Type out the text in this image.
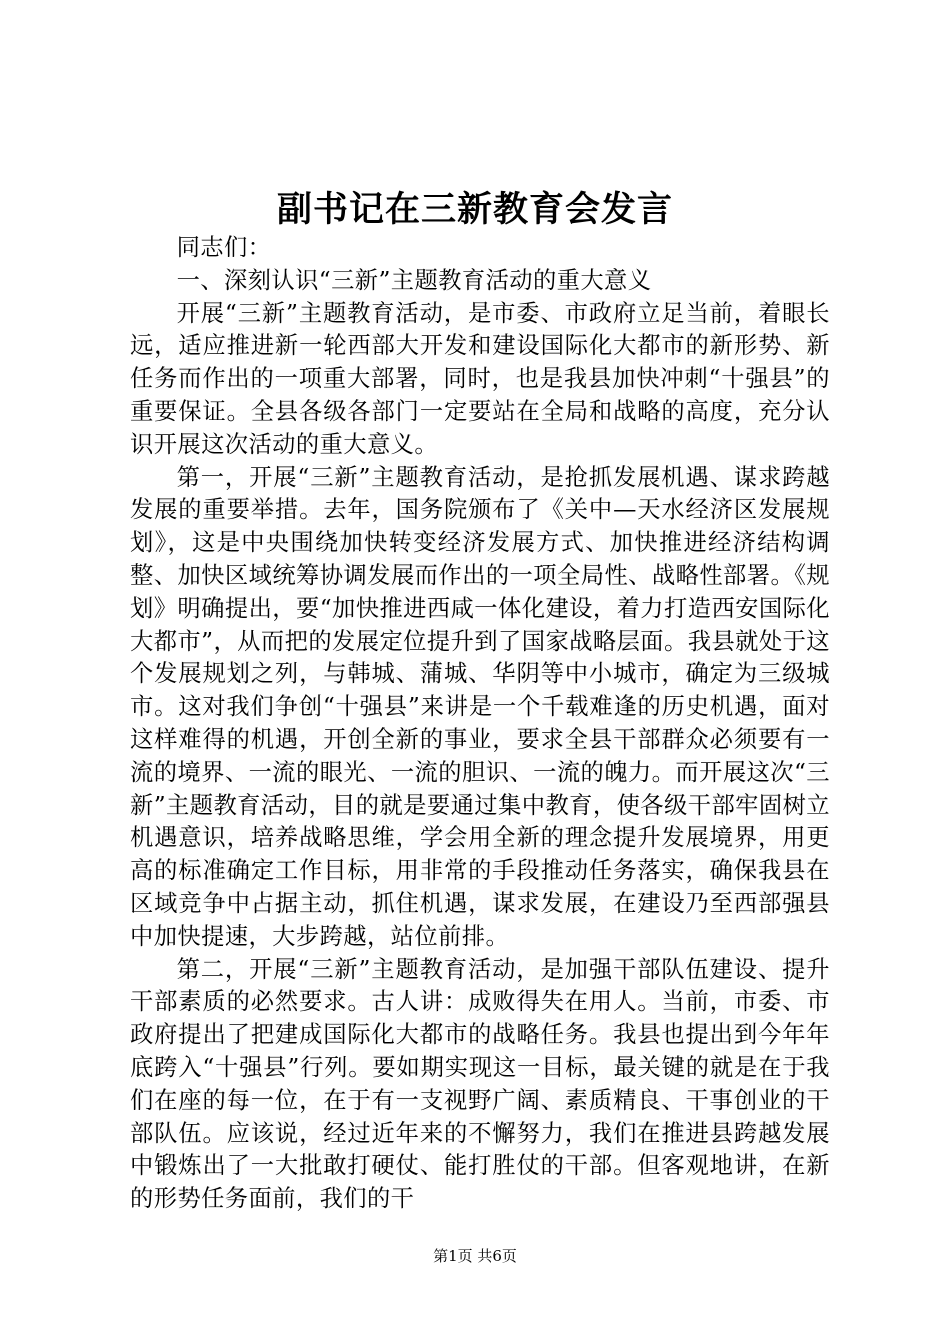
副书记在三新教育会发言

同志们：

一、深刻认识“三新”主题教育活动的重大意义

开展“三新”主题教育活动，是市委、市政府立足当前，着眼长远，适应推进新一轮西部大开发和建设国际化大都市的新形势、新任务而作出的一项重大部署，同时，也是我县加快冲刺“十强县”的重要保证。全县各级各部门一定要站在全局和战略的高度，充分认识开展这次活动的重大意义。

第一，开展“三新”主题教育活动，是抢抓发展机遇、谋求跨越发展的重要举措。去年，国务院颁布了《关中—天水经济区发展规划》，这是中央围绕加快转变经济发展方式、加快推进经济结构调整、加快区域统筹协调发展而作出的一项全局性、战略性部署。《规划》明确提出，要“加快推进西咸一体化建设，着力打造西安国际化大都市”，从而把的发展定位提升到了国家战略层面。我县就处于这个发展规划之列，与韩城、蒲城、华阴等中小城市，确定为三级城市。这对我们争创“十强县”来讲是一个千载难逢的历史机遇，面对这样难得的机遇，开创全新的事业，要求全县干部群众必须要有一流的境界、一流的眼光、一流的胆识、一流的魄力。而开展这次“三新”主题教育活动，目的就是要通过集中教育，使各级干部牢固树立机遇意识，培养战略思维，学会用全新的理念提升发展境界，用更高的标准确定工作目标，用非常的手段推动任务落实，确保我县在区域竞争中占据主动，抓住机遇，谋求发展，在建设乃至西部强县中加快提速，大步跨越，站位前排。

第二，开展“三新”主题教育活动，是加强干部队伍建设、提升干部素质的必然要求。古人讲：成败得失在用人。当前，市委、市政府提出了把建成国际化大都市的战略任务。我县也提出到今年年底跨入“十强县”行列。要如期实现这一目标，最关键的就是在于我们在座的每一位，在于有一支视野广阔、素质精良、干事创业的干部队伍。应该说，经过近年来的不懈努力，我们在推进县跨越发展中锻炼出了一大批敢打硬仗、能打胜仗的干部。但客观地讲，在新的形势任务面前，我们的干

第1页 共6页
